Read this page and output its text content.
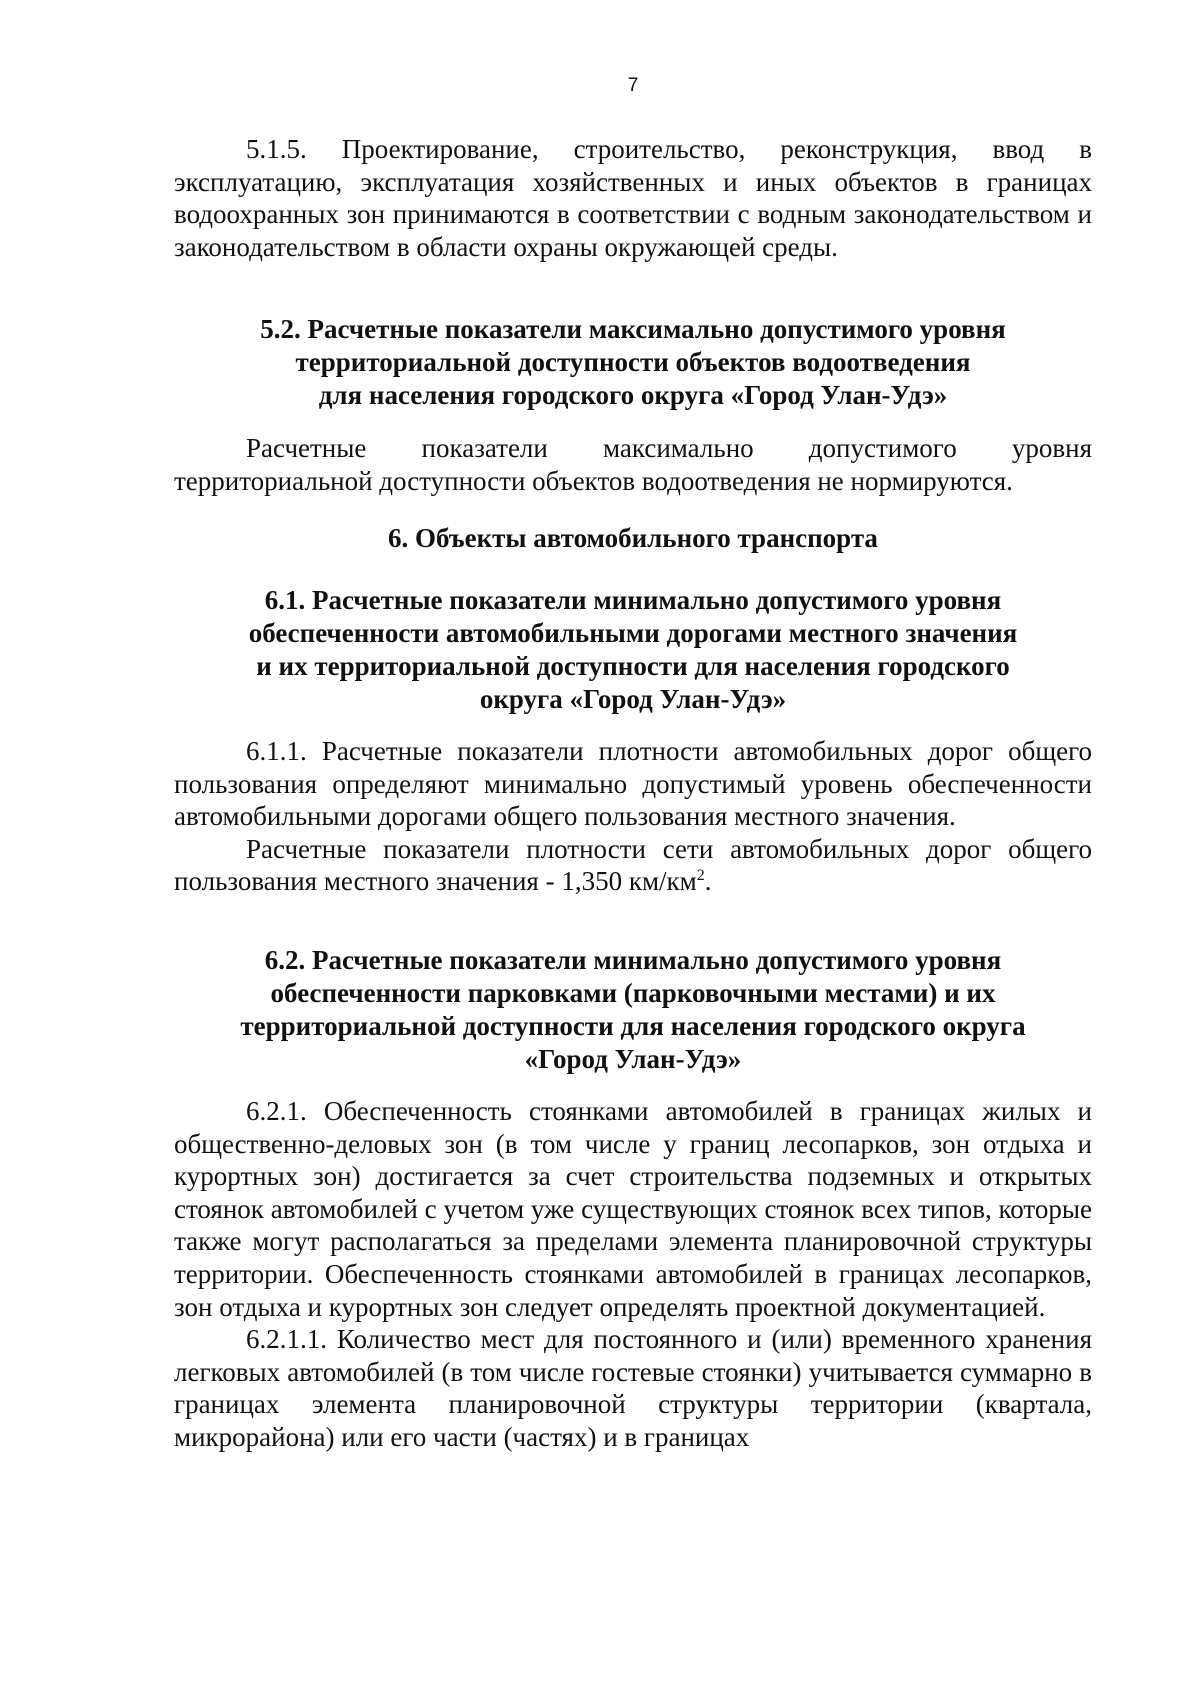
7

5.1.5. Проектирование, строительство, реконструкция, ввод в эксплуатацию, эксплуатация хозяйственных и иных объектов в границах водоохранных зон принимаются в соответствии с водным законодательством и законодательством в области охраны окружающей среды.

5.2. Расчетные показатели максимально допустимого уровня
территориальной доступности объектов водоотведения
для населения городского округа «Город Улан-Удэ»

Расчетные показатели максимально допустимого уровня территориальной доступности объектов водоотведения не нормируются.

6. Объекты автомобильного транспорта
6.1. Расчетные показатели минимально допустимого уровня
обеспеченности автомобильными дорогами местного значения
и их территориальной доступности для населения городского
округа «Город Улан-Удэ»

6.1.1. Расчетные показатели плотности автомобильных дорог общего пользования определяют минимально допустимый уровень обеспеченности автомобильными дорогами общего пользования местного значения.

Расчетные показатели плотности сети автомобильных дорог общего пользования местного значения - 1,350 $км/км^2$.

6.2. Расчетные показатели минимально допустимого уровня
обеспеченности парковками (парковочными местами) и их
территориальной доступности для населения городского округа
«Город Улан-Удэ»

6.2.1. Обеспеченность стоянками автомобилей в границах жилых и общественно-деловых зон (в том числе у границ лесопарков, зон отдыха и курортных зон) достигается за счет строительства подземных и открытых стоянок автомобилей с учетом уже существующих стоянок всех типов, которые также могут располагаться за пределами элемента планировочной структуры территории. Обеспеченность стоянками автомобилей в границах лесопарков, зон отдыха и курортных зон следует определять проектной документацией.

6.2.1.1. Количество мест для постоянного и (или) временного хранения легковых автомобилей (в том числе гостевые стоянки) учитывается суммарно в границах элемента планировочной структуры территории (квартала, микрорайона) или его части (частях) и в границах
